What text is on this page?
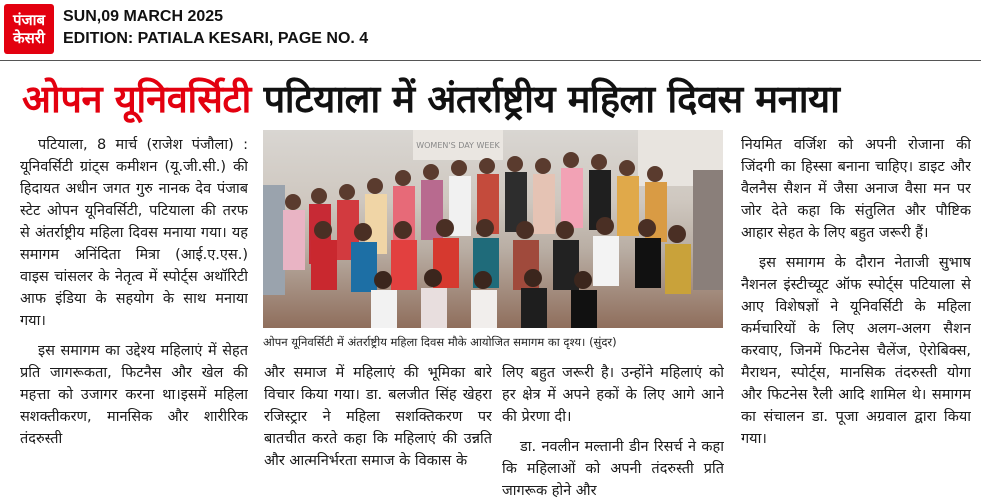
पंजाब
केसरी
SUN,09 MARCH 2025
EDITION: PATIALA KESARI, PAGE NO. 4
ओपन यूनिवर्सिटी पटियाला में अंतर्राष्ट्रीय महिला दिवस मनाया

पटियाला, 8 मार्च (राजेश पंजौला) : यूनिवर्सिटी ग्रांट्स कमीशन (यू.जी.सी.) की हिदायत अधीन जगत गुरु नानक देव पंजाब स्टेट ओपन यूनिवर्सिटी, पटियाला की तरफ से अंतर्राष्ट्रीय महिला दिवस मनाया गया। यह समागम अनिंदिता मित्रा (आई.ए.एस.) वाइस चांसलर के नेतृत्व में स्पोर्ट्स अथॉरिटी आफ इंडिया के सहयोग के साथ मनाया गया।

इस समागम का उद्देश्य महिलाएं में सेहत प्रति जागरूकता, फिटनैस और खेल की महत्ता को उजागर करना था।इसमें महिला सशक्तीकरण, मानसिक और शारीरिक तंदरुस्ती

WOMEN'S DAY WEEK
ओपन यूनिवर्सिटी में अंतर्राष्ट्रीय महिला दिवस मौके आयोजित समागम का दृश्य। (सुंदर)

और समाज में महिलाएं की भूमिका बारे विचार किया गया। डा. बलजीत सिंह खेहरा रजिस्ट्रार ने महिला सशक्तिकरण पर बातचीत करते कहा कि महिलाएं की उन्नति और आत्मनिर्भरता समाज के विकास के

लिए बहुत जरूरी है। उन्होंने महिलाएं को हर क्षेत्र में अपने हकों के लिए आगे आने की प्रेरणा दी।

डा. नवलीन मल्तानी डीन रिसर्च ने कहा कि महिलाओं को अपनी तंदरुस्ती प्रति जागरूक होने और

नियमित वर्जिश को अपनी रोजाना की जिंदगी का हिस्सा बनाना चाहिए। डाइट और वैलनैस सैशन में जैसा अनाज वैसा मन पर जोर देते कहा कि संतुलित और पौष्टिक आहार सेहत के लिए बहुत जरूरी हैं।

इस समागम के दौरान नेताजी सुभाष नैशनल इंस्टीच्यूट ऑफ स्पोर्ट्स पटियाला से आए विशेषज्ञों ने यूनिवर्सिटी के महिला कर्मचारियों के लिए अलग-अलग सैशन करवाए, जिनमें फिटनेस चैलेंज, ऐरोबिक्स, मैराथन, स्पोर्ट्स, मानसिक तंदरुस्ती योगा और फिटनेस रैली आदि शामिल थे। समागम का संचालन डा. पूजा अग्रवाल द्वारा किया गया।
